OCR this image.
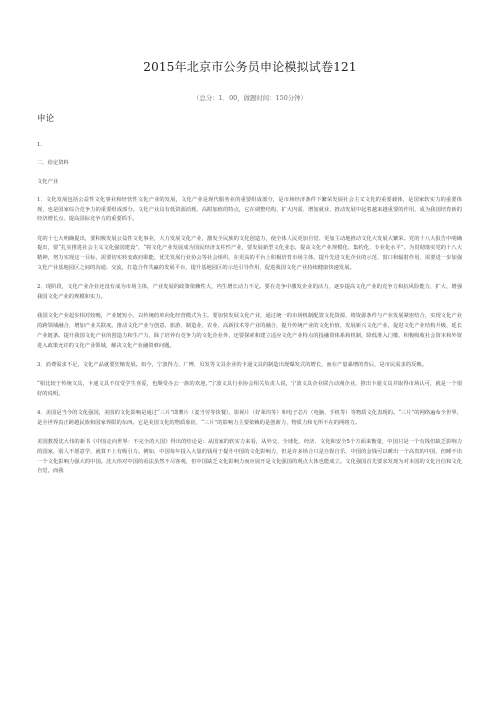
2015年北京市公务员申论模拟试卷121
（总分：1．00，做题时间：150分钟）
申论

1.

二、给定资料

文化产业

1．文化发展包括公益性文化事业和经营性文化产业的发展，文化产业是现代服务业的重要组成部分，是市场经济条件下繁荣发展社会主义文化的重要载体，是国家软实力的重要体现，也是国家综合竞争力的重要组成部分。文化产业具有低资源消耗、高附加值的特点，它在调整结构、扩大内需、增加就业、推动发展中起着越来越重要的作用，成为我国培育新的经济增长点、提高国际竞争力的重要抓手。

党的十七大明确提出，要积极发展公益性文化事业，大力发展文化产业，激发全民族的文化创造力，使全体人民更加自觉、更加主动地推动文化大发展大繁荣。党的十八大报告中明确提出，要“扎实推进社会主义文化强国建设”，“将文化产业发展成为国民经济支柱性产业，要发展新型文化业态，提高文化产业规模化、集约化、专业化水平”。为贯彻落实党的十八大精神，努力实现这一目标，需要切实转变政府职能，优先发展行业协会等社会组织，在更高的平台上积极培育市场主体，提升先进文化企业的示范、窗口和辐射作用，需要进一步加强文化产业基地园区之间的沟通、交流，打造合作共赢的发展平台，提升基地园区的示范引导作用，促进我国文化产业持续健康快速发展。

2．现阶段，文化产业企业还没有成为市场主体，产业发展的政策依赖性大，内生增长动力不足。要在竞争中激发企业的活力，逐步提高文化产业的竞争力和抗风险能力，扩大、增强我国文化产业的规模和实力。

我国文化产业起步相对较晚，产业链短小，以传统的单向化经营模式为主。要加快发展文化产业，通过统一的市场机制配置文化资源，将资源条件与产业发展紧密结合，实现文化产业的跨领域融合，增加产业关联度。推动文化产业与创意、旅游、制造业、农业、高新技术等产业的融合，提升传统产业的文化价值，发展新兴文化产业，促进文化产业结构升级，延长产业链条。提升我国文化产业的创造力和生产力，除了培养有竞争力的文化企业外，还要探索和建立适应文化产业特点的投融资体系和机制，降低准入门槛，积极吸收社会资本和外资进入政策允许的文化产业领域，解决文化产业融资难问题。

3．消费需求不足，文化产品就要狂缩发展。如今，宁波得力，广博，贝发等文具企业的卡通文具的制造出现爆发式的增长，而在产量暴增的背后，是市民需求的反映。

“相比较于传统文具，卡通文具不仅受学生喜爱，也颇受办公一族的欢迎。”宁波文具行业协会相关负责人说，宁波文具企业联合动漫企业，推出卡通文具并取得市场认可，就是一个很好的说明。

4．美国是当今的文化强国，美国的文化影响是通过“三片”即薯片（麦当劳等快餐）、影视片（好莱坞等）和电子芯片（电脑、手机等）等物质文化表现的。“三片”的网络遍布全世界，是全世界真正跨越民族和国家界限的东西。它是美国文化的物质象征，“三片”的影响力主要依赖的是创新力、物质力和无所不在的网络力。

美国教授沈大伟的新书《中国走向世界：不完全的大国》得出的结论是：从国家的软实力来看，从外交、全球化、经济、文化和安全5个方面来衡量，中国只是一个有钱但缺乏影响力的国家，别人不愿意学，就算不上有吸引力。例如，中国每年投入大量的钱用于提升中国的文化影响力，但是许多场合只是自娱自乐，中国的金钱可以睡出一个高贵的中国，但睡不出一个文化影响力强大的中国。沈大伟对中国的看法虽然不尽客观，但中国缺乏文化影响力而应展开是文化强国的观点大体也能成立。文化强国首先要求发现为对本国的文化自信和文化自觉，而我
